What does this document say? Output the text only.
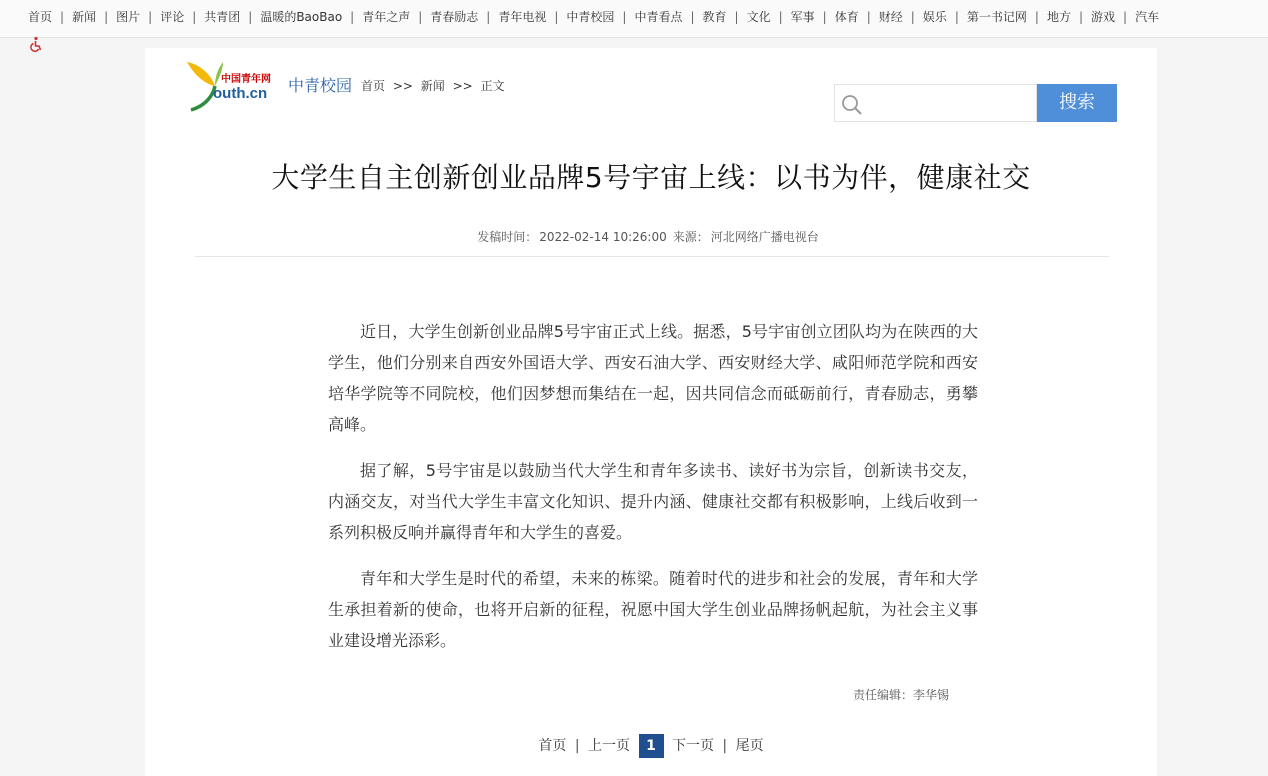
首页 | 新闻 | 图片 | 评论 | 共青团 | 温暖的BaoBao | 青年之声 | 青春励志 | 青年电视 | 中青校园 | 中青看点 | 教育 | 文化 | 军事 | 体育 | 财经 | 娱乐 | 第一书记网 | 地方 | 游戏 | 汽车
中国青年网
outh.cn 中青校园 首页 >> 新闻 >> 正文
搜索
大学生自主创新创业品牌5号宇宙上线：以书为伴，健康社交
发稿时间： 2022-02-14 10:26:00 来源： 河北网络广播电视台

近日，大学生创新创业品牌5号宇宙正式上线。据悉，5号宇宙创立团队均为在陕西的大学生，他们分别来自西安外国语大学、西安石油大学、西安财经大学、咸阳师范学院和西安培华学院等不同院校，他们因梦想而集结在一起，因共同信念而砥砺前行，青春励志，勇攀高峰。

据了解，5号宇宙是以鼓励当代大学生和青年多读书、读好书为宗旨，创新读书交友，内涵交友，对当代大学生丰富文化知识、提升内涵、健康社交都有积极影响，上线后收到一系列积极反响并赢得青年和大学生的喜爱。

青年和大学生是时代的希望，未来的栋梁。随着时代的进步和社会的发展，青年和大学生承担着新的使命，也将开启新的征程，祝愿中国大学生创业品牌扬帆起航，为社会主义事业建设增光添彩。

责任编辑：李华锡
首页 | 上一页 1 下一页 | 尾页
